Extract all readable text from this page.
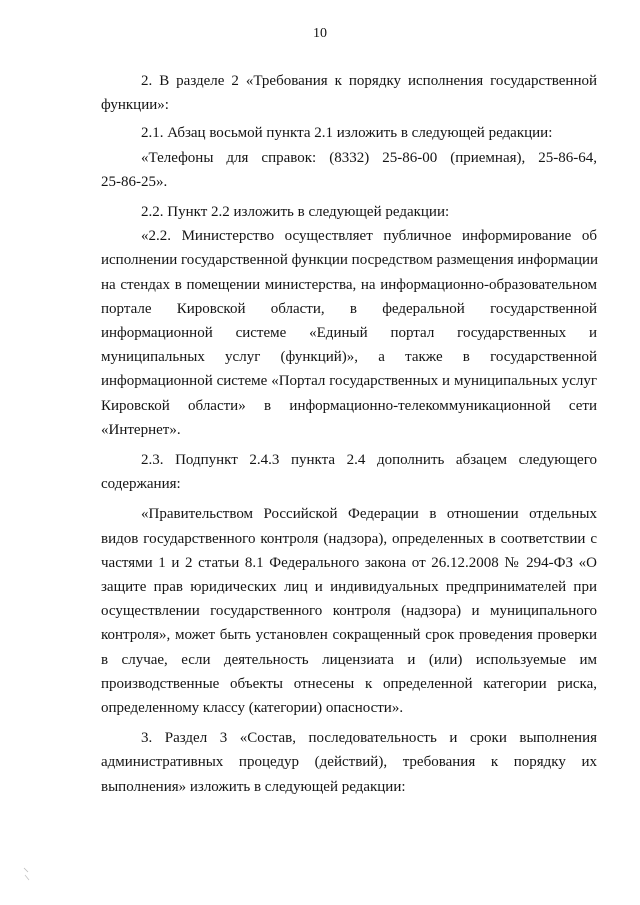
10
2. В разделе 2 «Требования к порядку исполнения государственной
функции»:
2.1. Абзац восьмой пункта 2.1 изложить в следующей редакции:
«Телефоны для справок: (8332) 25-86-00 (приемная), 25-86-64,
25-86-25».
2.2. Пункт 2.2 изложить в следующей редакции:
«2.2. Министерство осуществляет публичное информирование об
исполнении государственной функции посредством размещения информации
на стендах в помещении министерства, на информационно-образовательном
портале Кировской области, в федеральной государственной
информационной системе «Единый портал государственных и
муниципальных услуг (функций)», а также в государственной
информационной системе «Портал государственных и муниципальных услуг
Кировской области» в информационно-телекоммуникационной сети
«Интернет».
2.3. Подпункт 2.4.3 пункта 2.4 дополнить абзацем следующего
содержания:
«Правительством Российской Федерации в отношении отдельных
видов государственного контроля (надзора), определенных в соответствии с
частями 1 и 2 статьи 8.1 Федерального закона от 26.12.2008 № 294-ФЗ «О
защите прав юридических лиц и индивидуальных предпринимателей при
осуществлении государственного контроля (надзора) и муниципального
контроля», может быть установлен сокращенный срок проведения проверки
в случае, если деятельность лицензиата и (или) используемые им
производственные объекты отнесены к определенной категории риска,
определенному классу (категории) опасности».
3. Раздел 3 «Состав, последовательность и сроки выполнения
административных процедур (действий), требования к порядку их
выполнения» изложить в следующей редакции:
